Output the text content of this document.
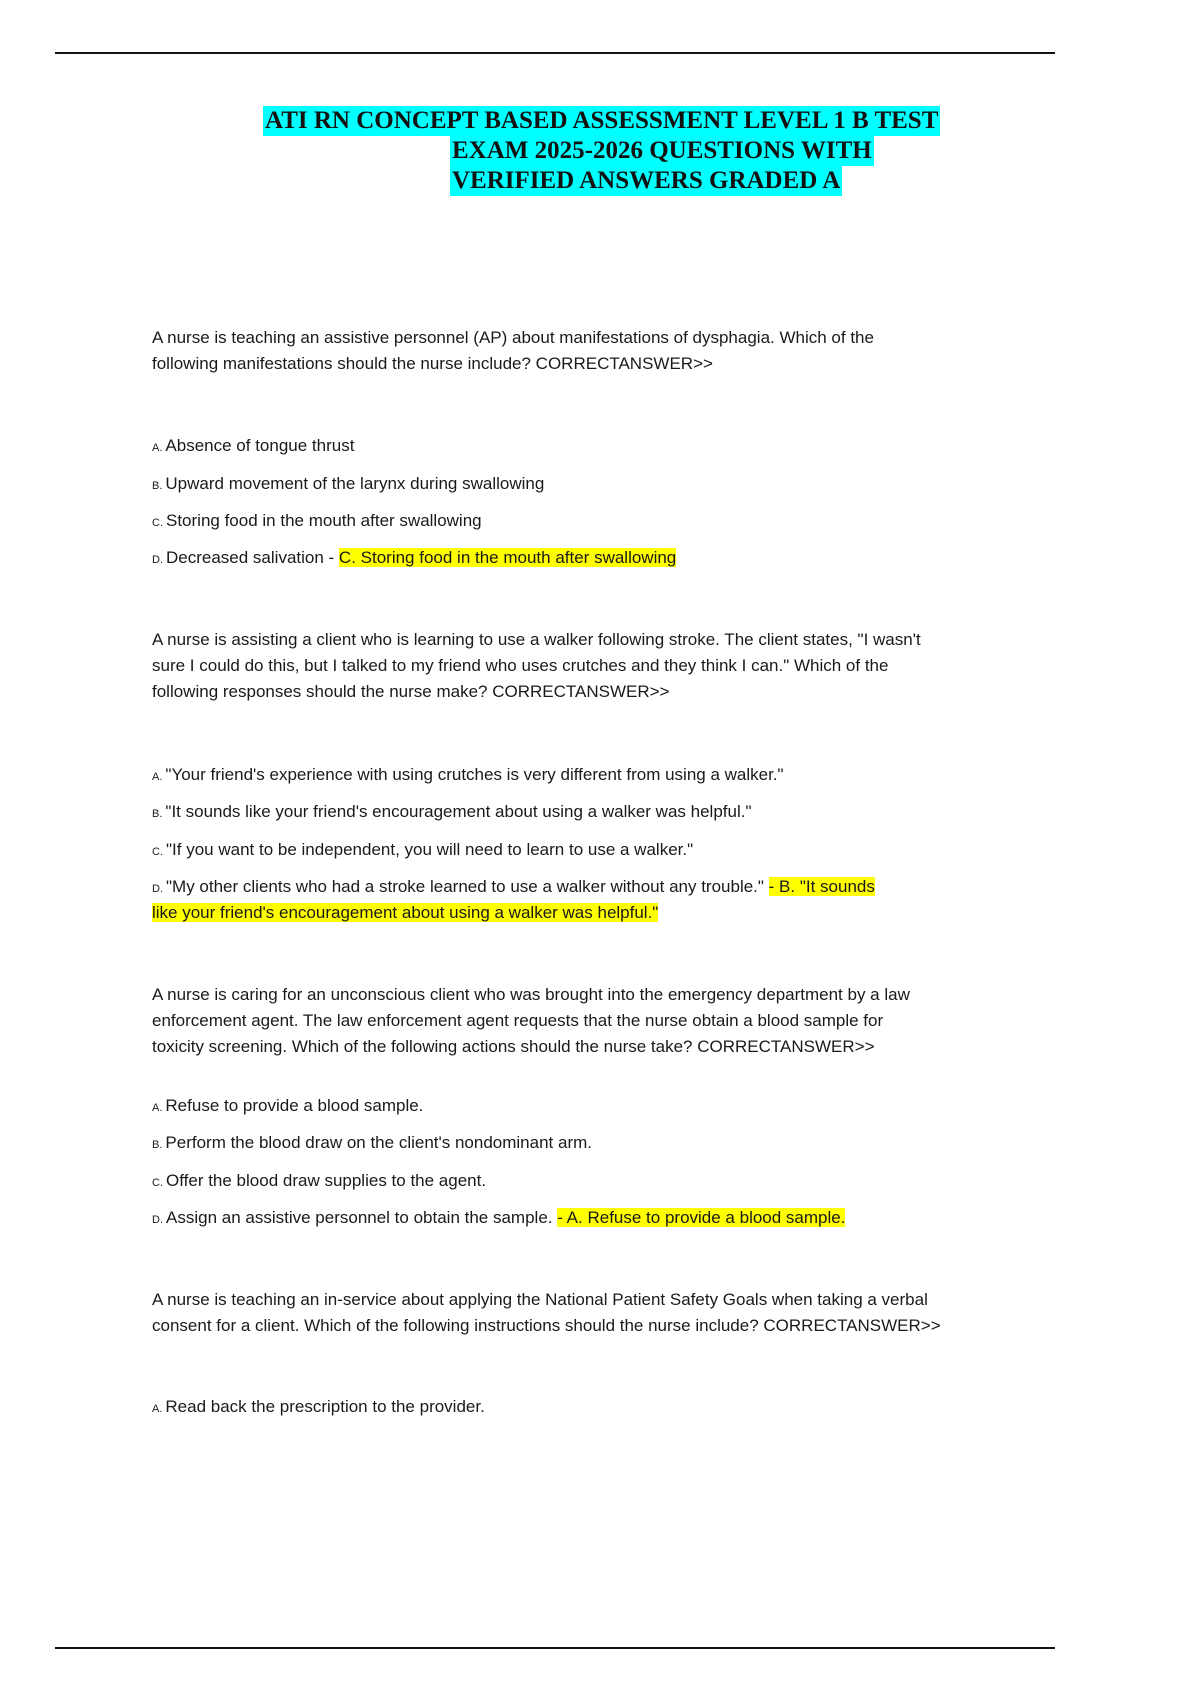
ATI RN CONCEPT BASED ASSESSMENT LEVEL 1 B TEST
EXAM 2025-2026 QUESTIONS WITH
VERIFIED ANSWERS GRADED A
A nurse is teaching an assistive personnel (AP) about manifestations of dysphagia. Which of the
following manifestations should the nurse include? CORRECTANSWER>>
A. Absence of tongue thrust
B. Upward movement of the larynx during swallowing
C. Storing food in the mouth after swallowing
D. Decreased salivation - C. Storing food in the mouth after swallowing
A nurse is assisting a client who is learning to use a walker following stroke. The client states, "I wasn't
sure I could do this, but I talked to my friend who uses crutches and they think I can." Which of the
following responses should the nurse make? CORRECTANSWER>>
A. "Your friend's experience with using crutches is very different from using a walker."
B. "It sounds like your friend's encouragement about using a walker was helpful."
C. "If you want to be independent, you will need to learn to use a walker."
D. "My other clients who had a stroke learned to use a walker without any trouble." - B. "It sounds
like your friend's encouragement about using a walker was helpful."
A nurse is caring for an unconscious client who was brought into the emergency department by a law
enforcement agent. The law enforcement agent requests that the nurse obtain a blood sample for
toxicity screening. Which of the following actions should the nurse take? CORRECTANSWER>>
A. Refuse to provide a blood sample.
B. Perform the blood draw on the client's nondominant arm.
C. Offer the blood draw supplies to the agent.
D. Assign an assistive personnel to obtain the sample. - A. Refuse to provide a blood sample.
A nurse is teaching an in-service about applying the National Patient Safety Goals when taking a verbal
consent for a client. Which of the following instructions should the nurse include? CORRECTANSWER>>
A. Read back the prescription to the provider.
